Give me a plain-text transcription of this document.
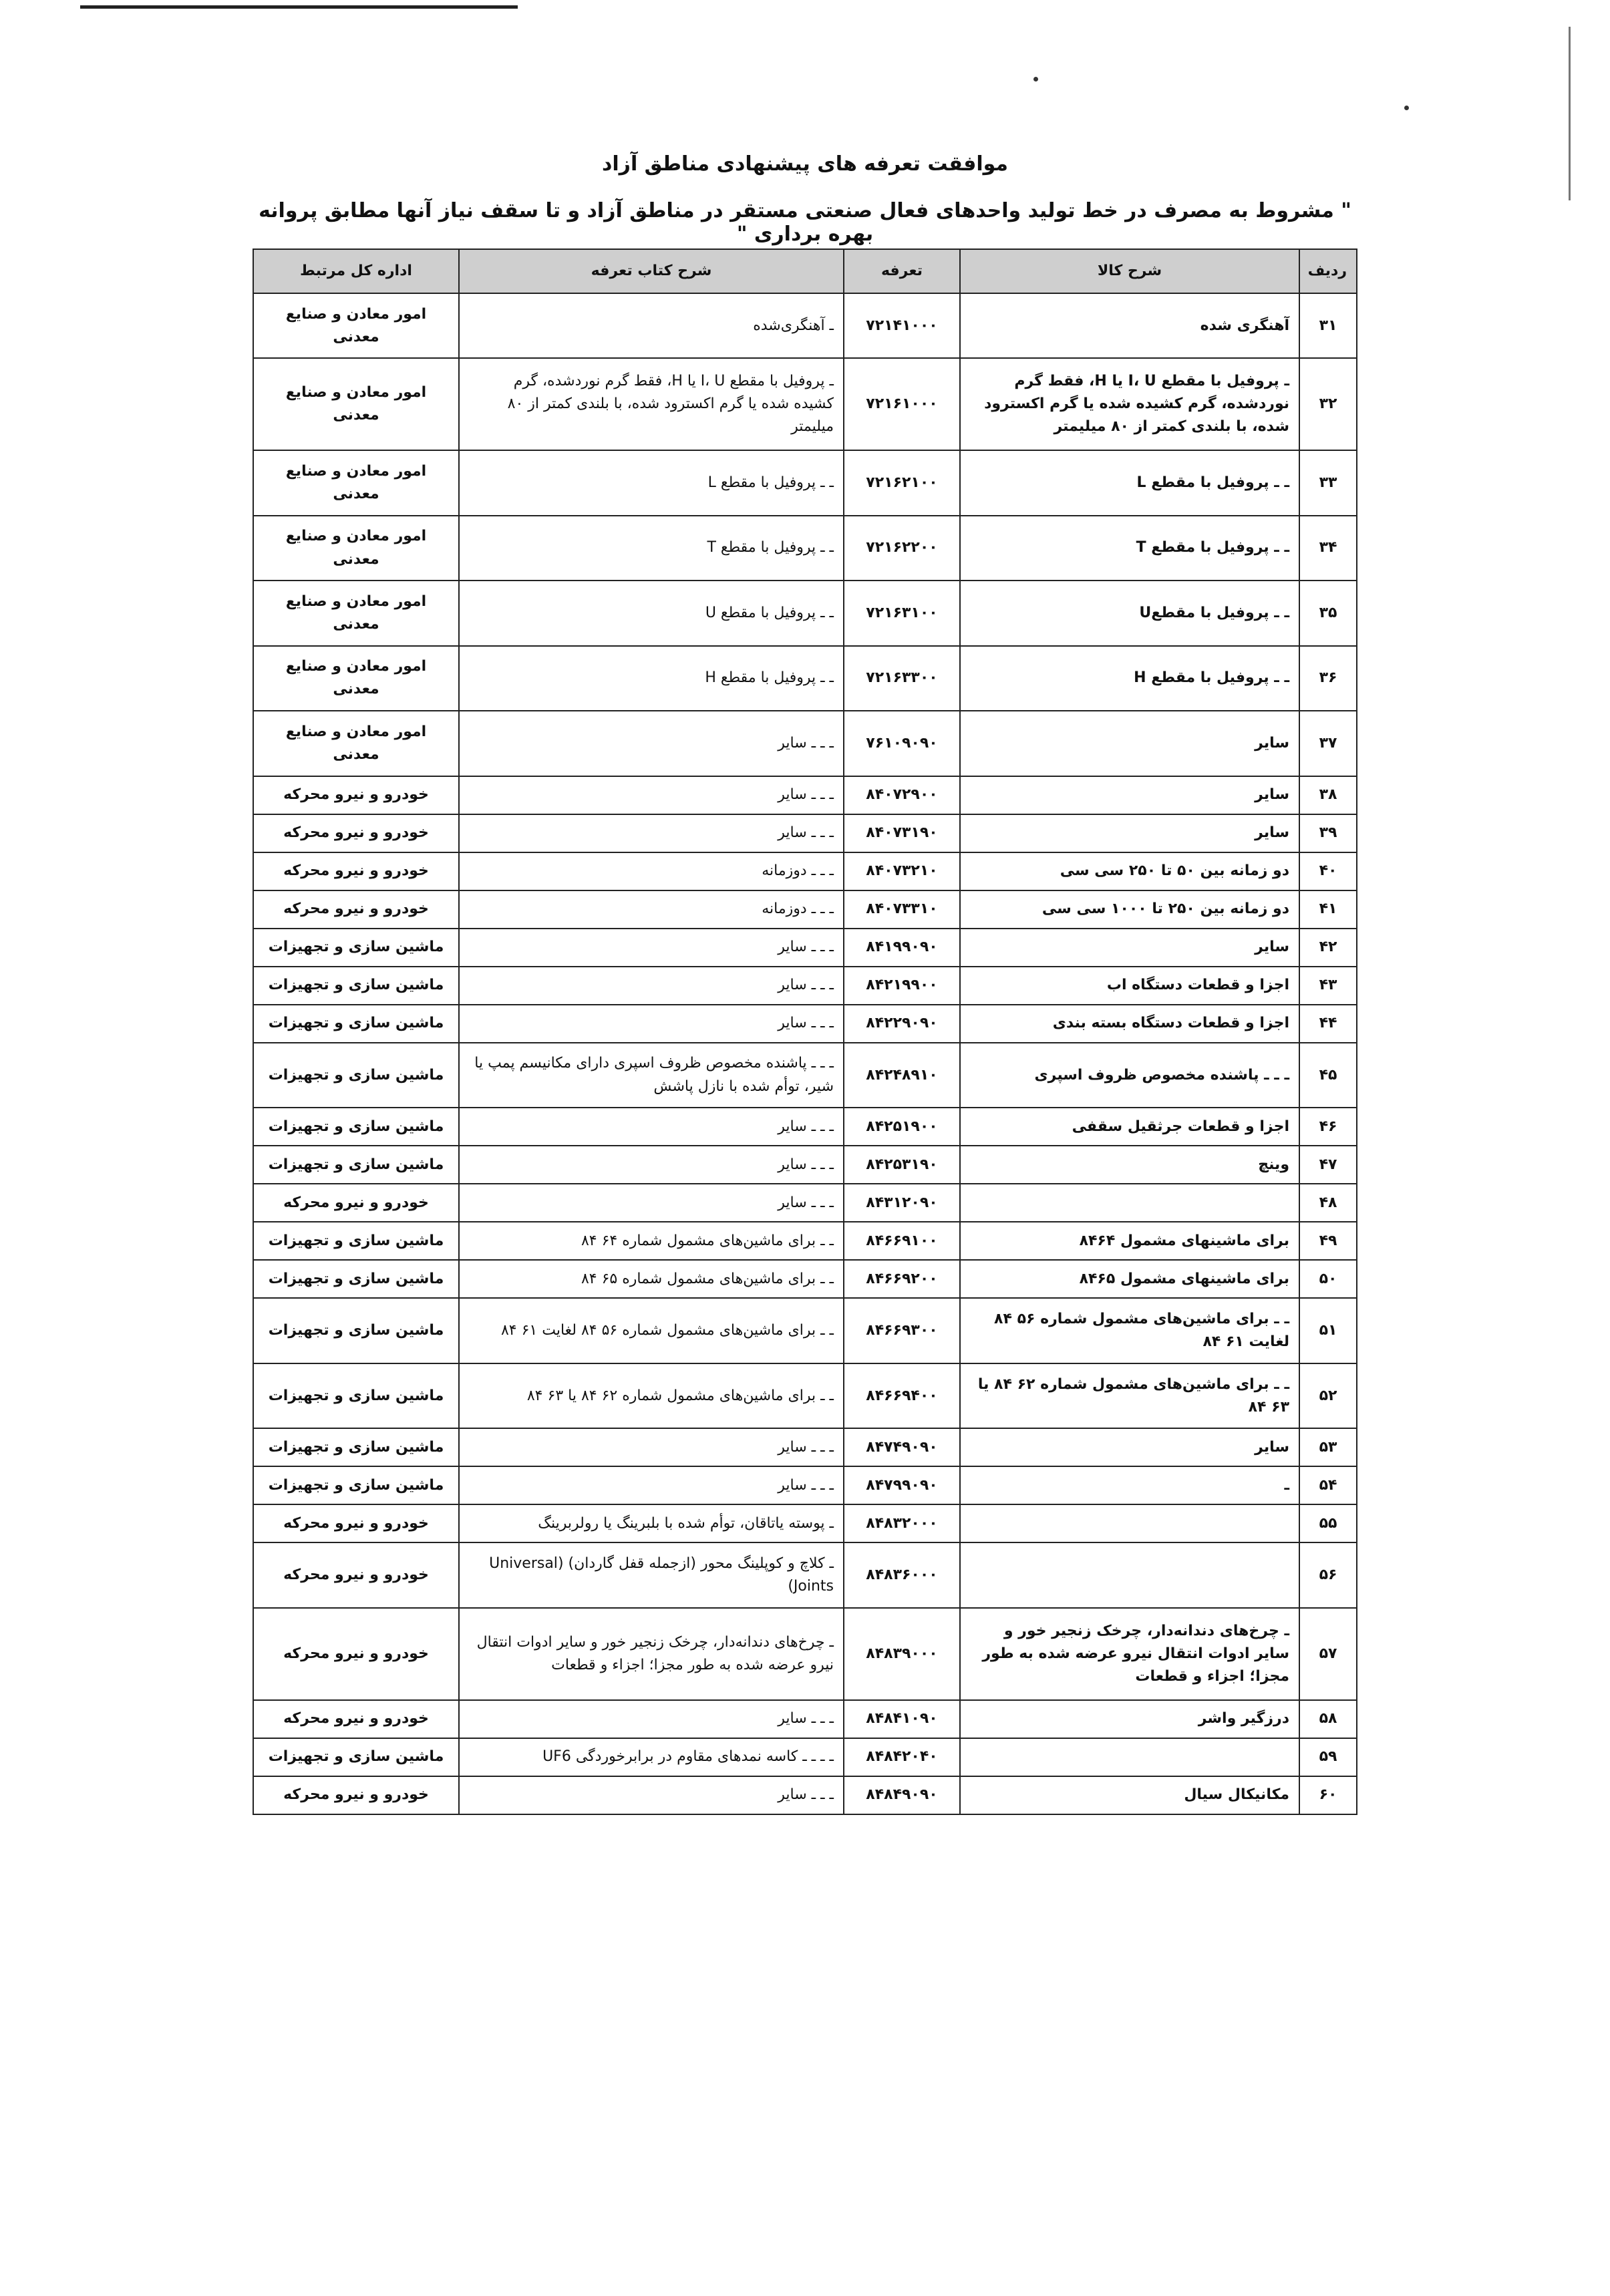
موافقت تعرفه های پیشنهادی مناطق آزاد
" مشروط به مصرف در خط تولید واحدهای فعال صنعتی مستقر در مناطق آزاد و تا سقف نیاز آنها مطابق پروانه بهره برداری "
ردیف	شرح کالا	تعرفه	شرح کتاب تعرفه	اداره کل مرتبط
۳۱	آهنگری شده	۷۲۱۴۱۰۰۰	ـ آهنگری‌شده	امور معادن و صنایع معدنی
۳۲	ـ پروفیل با مقطع I، U یا H، فقط گرم نوردشده، گرم کشیده شده یا گرم اکسترود شده، با بلندی کمتر از ۸۰ میلیمتر	۷۲۱۶۱۰۰۰	ـ پروفیل با مقطع I، U یا H، فقط گرم نوردشده، گرم کشیده شده یا گرم اکسترود شده، با بلندی کمتر از ۸۰ میلیمتر	امور معادن و صنایع معدنی
۳۳	ـ ـ پروفیل با مقطع L	۷۲۱۶۲۱۰۰	ـ ـ پروفیل با مقطع L	امور معادن و صنایع معدنی
۳۴	ـ ـ پروفیل با مقطع T	۷۲۱۶۲۲۰۰	ـ ـ پروفیل با مقطع T	امور معادن و صنایع معدنی
۳۵	ـ ـ پروفیل با مقطعU	۷۲۱۶۳۱۰۰	ـ ـ پروفیل با مقطع U	امور معادن و صنایع معدنی
۳۶	ـ ـ پروفیل با مقطع H	۷۲۱۶۳۳۰۰	ـ ـ پروفیل با مقطع H	امور معادن و صنایع معدنی
۳۷	سایر	۷۶۱۰۹۰۹۰	ـ ـ ـ سایر	امور معادن و صنایع معدنی
۳۸	سایر	۸۴۰۷۲۹۰۰	ـ ـ ـ سایر	خودرو و نیرو محرکه
۳۹	سایر	۸۴۰۷۳۱۹۰	ـ ـ ـ سایر	خودرو و نیرو محرکه
۴۰	دو زمانه بین ۵۰ تا ۲۵۰ سی سی	۸۴۰۷۳۲۱۰	ـ ـ ـ دوزمانه	خودرو و نیرو محرکه
۴۱	دو زمانه بین ۲۵۰ تا ۱۰۰۰ سی سی	۸۴۰۷۳۳۱۰	ـ ـ ـ دوزمانه	خودرو و نیرو محرکه
۴۲	سایر	۸۴۱۹۹۰۹۰	ـ ـ ـ سایر	ماشین سازی و تجهیزات
۴۳	اجزا و قطعات دستگاه اب	۸۴۲۱۹۹۰۰	ـ ـ ـ سایر	ماشین سازی و تجهیزات
۴۴	اجزا و قطعات دستگاه بسته بندی	۸۴۲۲۹۰۹۰	ـ ـ ـ سایر	ماشین سازی و تجهیزات
۴۵	ـ ـ ـ پاشنده مخصوص ظروف اسپری	۸۴۲۴۸۹۱۰	ـ ـ ـ پاشنده مخصوص ظروف اسپری دارای مکانیسم پمپ یا شیر، توأم شده با نازل پاشش	ماشین سازی و تجهیزات
۴۶	اجزا و قطعات جرثقیل سقفی	۸۴۲۵۱۹۰۰	ـ ـ ـ سایر	ماشین سازی و تجهیزات
۴۷	وینچ	۸۴۲۵۳۱۹۰	ـ ـ ـ سایر	ماشین سازی و تجهیزات
۴۸		۸۴۳۱۲۰۹۰	ـ ـ ـ سایر	خودرو و نیرو محرکه
۴۹	برای ماشینهای مشمول ۸۴۶۴	۸۴۶۶۹۱۰۰	ـ ـ برای ماشین‌های مشمول شماره ۶۴ ۸۴	ماشین سازی و تجهیزات
۵۰	برای ماشینهای مشمول ۸۴۶۵	۸۴۶۶۹۲۰۰	ـ ـ برای ماشین‌های مشمول شماره ۶۵ ۸۴	ماشین سازی و تجهیزات
۵۱	ـ ـ برای ماشین‌های مشمول شماره ۵۶ ۸۴ لغایت ۶۱ ۸۴	۸۴۶۶۹۳۰۰	ـ ـ برای ماشین‌های مشمول شماره ۵۶ ۸۴ لغایت ۶۱ ۸۴	ماشین سازی و تجهیزات
۵۲	ـ ـ برای ماشین‌های مشمول شماره ۶۲ ۸۴ یا ۶۳ ۸۴	۸۴۶۶۹۴۰۰	ـ ـ برای ماشین‌های مشمول شماره ۶۲ ۸۴ یا ۶۳ ۸۴	ماشین سازی و تجهیزات
۵۳	سایر	۸۴۷۴۹۰۹۰	ـ ـ ـ سایر	ماشین سازی و تجهیزات
۵۴	ـ	۸۴۷۹۹۰۹۰	ـ ـ ـ سایر	ماشین سازی و تجهیزات
۵۵		۸۴۸۳۲۰۰۰	ـ پوسته یاتاقان، توأم شده با بلبرینگ یا رولربرینگ	خودرو و نیرو محرکه
۵۶		۸۴۸۳۶۰۰۰	ـ کلاچ و کوپلینگ محور (ازجمله قفل گاردان) (Universal Joints)	خودرو و نیرو محرکه
۵۷	ـ چرخ‌های دندانه‌دار، چرخک زنجیر خور و سایر ادوات انتقال نیرو عرضه شده به طور مجزا؛ اجزاء و قطعات	۸۴۸۳۹۰۰۰	ـ چرخ‌های دندانه‌دار، چرخک زنجیر خور و سایر ادوات انتقال نیرو عرضه شده به طور مجزا؛ اجزاء و قطعات	خودرو و نیرو محرکه
۵۸	درزگیر واشر	۸۴۸۴۱۰۹۰	ـ ـ ـ سایر	خودرو و نیرو محرکه
۵۹		۸۴۸۴۲۰۴۰	ـ ـ ـ ـ کاسه نمدهای مقاوم در برابرخوردگی UF6	ماشین سازی و تجهیزات
۶۰	مکانیکال سیال	۸۴۸۴۹۰۹۰	ـ ـ ـ سایر	خودرو و نیرو محرکه
